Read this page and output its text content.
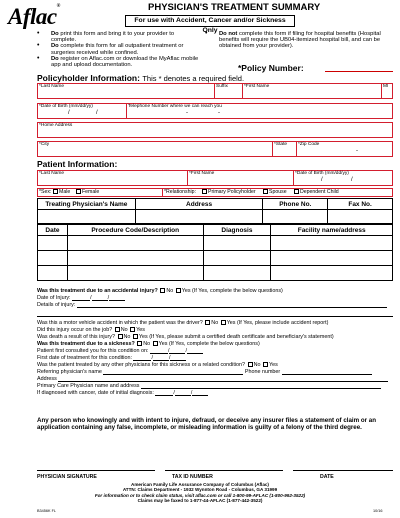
Aflac®	PHYSICIAN'S TREATMENT SUMMARY
For use with Accident, Cancer and/or Sickness Only
• Do print this form and bring it to your provider to complete.
• Do complete this form for all outpatient treatment or surgeries received while confined.
• Do register on Aflac.com or download the MyAflac mobile app and upload documentation.
• Do not complete this form if filing for hospital benefits (Hospital benefits will require the UB04-itemized hospital bill, and can be obtained from your provider).
*Policy Number:
Policyholder Information: This * denotes a required field.
*Last Name	Suffix	*First Name	MI
*Date of Birth (mm/dd/yy)
/	/
Telephone Number where we can reach you
-	-
*Home Address
*City	*State *Zip Code
-
Patient Information:
*Last Name	*First Name	*Date of Birth (mm/dd/yy)
/	/
*Sex:	Male	Female	*Relationship:	Primary Policyholder	Spouse	Dependent Child
Treating Physician's Name	Address	Phone No.	Fax No.

Date	Procedure Code/Description	Diagnosis	Facility name/address

Was this treatment due to an accidental injury? No Yes (If Yes, complete the below questions)
Date of Injury:	/	/
Details of injury:
Was this a motor vehicle accident in which the patient was the driver? No Yes (If Yes, please include accident report)
Did this injury occur on the job? No Yes
Was death a result of this injury? No Yes (If Yes, please submit a certified death certificate and beneficiary's statement)
Was this treatment due to a sickness? No Yes (If Yes, complete the below questions)
Patient first consulted you for this condition on:	/	/
First date of treatment for this condition:	/	/
Was the patient treated by any other physicians for this sickness or a related condition? No Yes
Referring physician's name	Phone number
Address
Primary Care Physician name and address
If diagnosed with cancer, date of initial diagnosis:	/	/
Any person who knowingly and with intent to injure, defraud, or deceive any insurer files a statement of claim or an application containing any false, incomplete, or misleading information is guilty of a felony of the third degree.
PHYSICIAN SIGNATURE	TAX ID NUMBER	DATE
American Family Life Assurance Company of Columbus (Aflac)
ATTN: Claims Department - 1932 Wynnton Road - Columbus, GA 31999
For information or to check claim status, visit aflac.com or call 1-800-99-AFLAC (1-800-992-3522)
Claims may be faxed to 1-877-44-AFLAC (1-877-442-3522)
B3456K FL	10/16
